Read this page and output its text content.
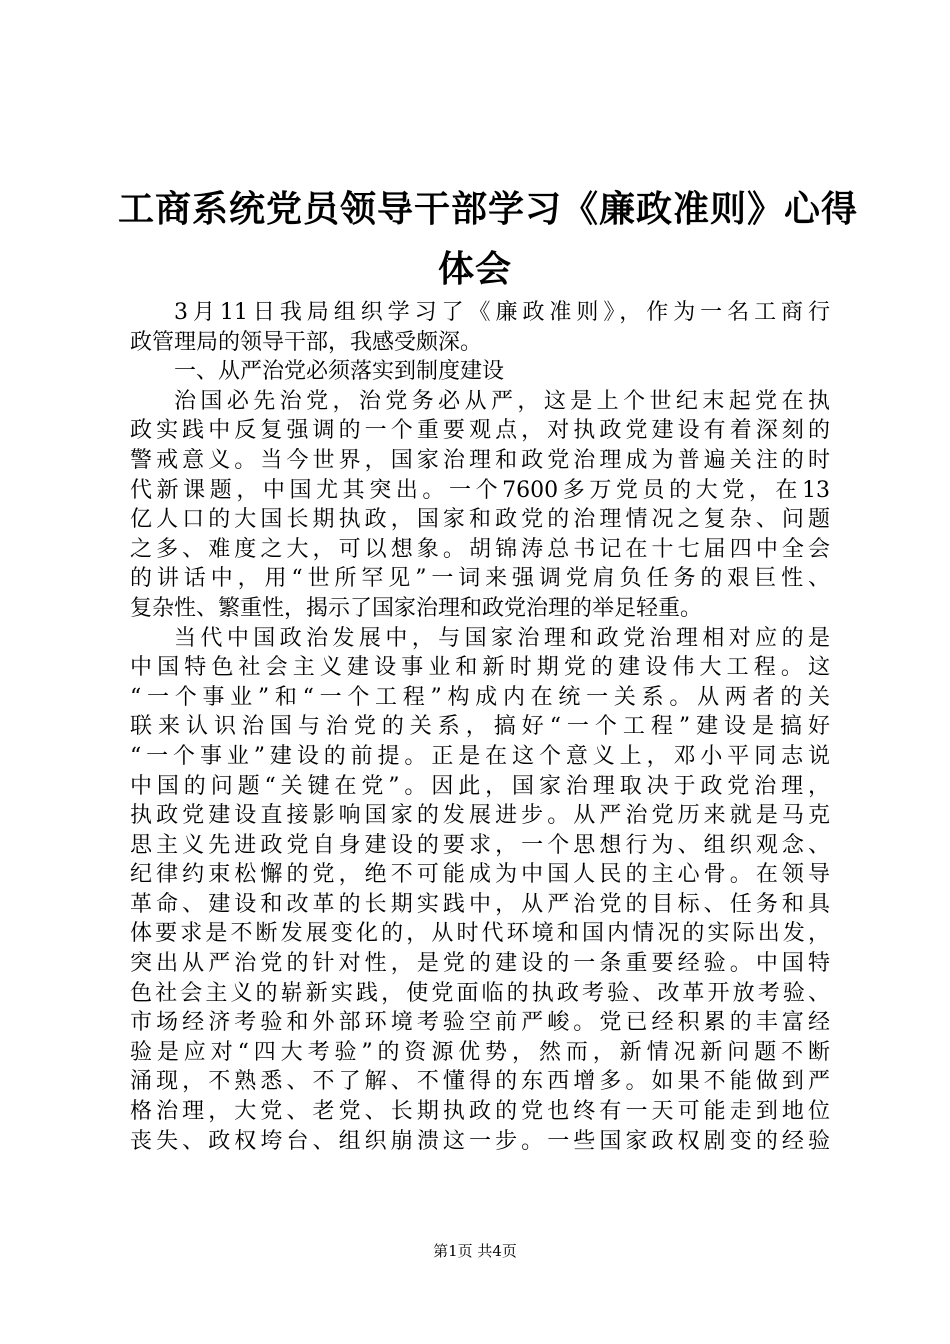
工商系统党员领导干部学习《廉政准则》心得
体会
3月11日我局组织学习了《廉政准则》，作为一名工商行
政管理局的领导干部，我感受颇深。
一、从严治党必须落实到制度建设
治国必先治党，治党务必从严，这是上个世纪末起党在执
政实践中反复强调的一个重要观点，对执政党建设有着深刻的
警戒意义。当今世界，国家治理和政党治理成为普遍关注的时
代新课题，中国尤其突出。一个7600多万党员的大党，在13
亿人口的大国长期执政，国家和政党的治理情况之复杂、问题
之多、难度之大，可以想象。胡锦涛总书记在十七届四中全会
的讲话中，用“世所罕见”一词来强调党肩负任务的艰巨性、
复杂性、繁重性，揭示了国家治理和政党治理的举足轻重。
当代中国政治发展中，与国家治理和政党治理相对应的是
中国特色社会主义建设事业和新时期党的建设伟大工程。这
“一个事业”和“一个工程”构成内在统一关系。从两者的关
联来认识治国与治党的关系，搞好“一个工程”建设是搞好
“一个事业”建设的前提。正是在这个意义上，邓小平同志说
中国的问题“关键在党”。因此，国家治理取决于政党治理，
执政党建设直接影响国家的发展进步。从严治党历来就是马克
思主义先进政党自身建设的要求，一个思想行为、组织观念、
纪律约束松懈的党，绝不可能成为中国人民的主心骨。在领导
革命、建设和改革的长期实践中，从严治党的目标、任务和具
体要求是不断发展变化的，从时代环境和国内情况的实际出发，
突出从严治党的针对性，是党的建设的一条重要经验。中国特
色社会主义的崭新实践，使党面临的执政考验、改革开放考验、
市场经济考验和外部环境考验空前严峻。党已经积累的丰富经
验是应对“四大考验”的资源优势，然而，新情况新问题不断
涌现，不熟悉、不了解、不懂得的东西增多。如果不能做到严
格治理，大党、老党、长期执政的党也终有一天可能走到地位
丧失、政权垮台、组织崩溃这一步。一些国家政权剧变的经验
第1页 共4页
